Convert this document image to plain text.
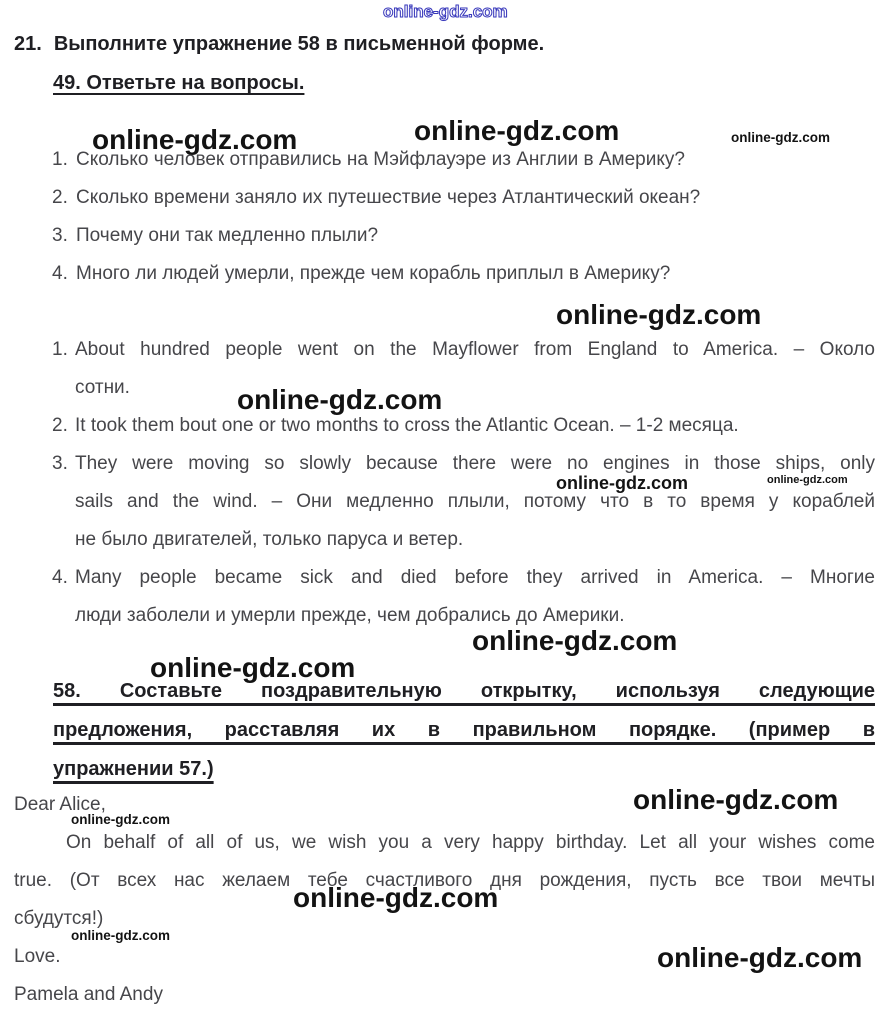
online-gdz.com
online-gdz.com	online-gdz.com	online-gdz.com
online-gdz.com
online-gdz.com
online-gdz.com	online-gdz.com
online-gdz.com
online-gdz.com
online-gdz.com
online-gdz.com
online-gdz.com
online-gdz.com
online-gdz.com
21. Выполните упражнение 58 в письменной форме.
49. Ответьте на вопросы.
1. Сколько человек отправились на Мэйфлауэре из Англии в Америку?
2. Сколько времени заняло их путешествие через Атлантический океан?
3. Почему они так медленно плыли?
4. Много ли людей умерли, прежде чем корабль приплыл в Америку?
1. About hundred people went on the Mayflower from England to America. – Около
сотни.
2. It took them bout one or two months to cross the Atlantic Ocean. – 1-2 месяца.
3. They were moving so slowly because there were no engines in those ships, only
sails and the wind. – Они медленно плыли, потому что в то время у кораблей
не было двигателей, только паруса и ветер.
4. Many people became sick and died before they arrived in America. – Многие
люди заболели и умерли прежде, чем добрались до Америки.
58. Составьте поздравительную открытку, используя следующие
предложения, расставляя их в правильном порядке. (пример в
упражнении 57.)
Dear Alice,
On behalf of all of us, we wish you a very happy birthday. Let all your wishes come
true. (От всех нас желаем тебе счастливого дня рождения, пусть все твои мечты
сбудутся!)
Love.
Pamela and Andy
